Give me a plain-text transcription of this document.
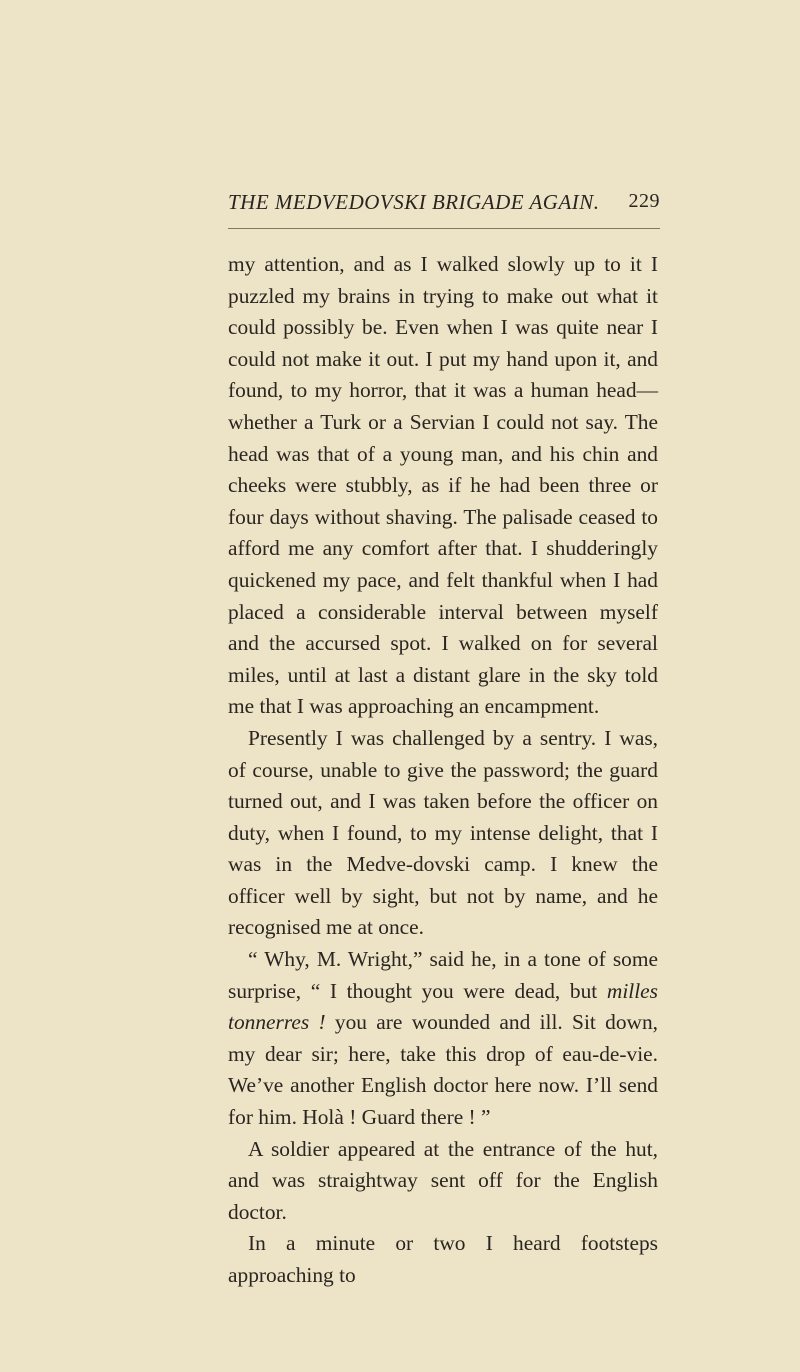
THE MEDVEDOVSKI BRIGADE AGAIN. 229

my attention, and as I walked slowly up to it I puzzled my brains in trying to make out what it could possibly be. Even when I was quite near I could not make it out. I put my hand upon it, and found, to my horror, that it was a human head—whether a Turk or a Servian I could not say. The head was that of a young man, and his chin and cheeks were stubbly, as if he had been three or four days without shaving. The palisade ceased to afford me any comfort after that. I shudderingly quickened my pace, and felt thankful when I had placed a considerable interval between myself and the accursed spot. I walked on for several miles, until at last a distant glare in the sky told me that I was approaching an encampment.

Presently I was challenged by a sentry. I was, of course, unable to give the password; the guard turned out, and I was taken before the officer on duty, when I found, to my intense delight, that I was in the Medve-dovski camp. I knew the officer well by sight, but not by name, and he recognised me at once.

“ Why, M. Wright,” said he, in a tone of some surprise, “ I thought you were dead, but milles tonnerres ! you are wounded and ill. Sit down, my dear sir; here, take this drop of eau-de-vie. We’ve another English doctor here now. I’ll send for him. Holà ! Guard there ! ”

A soldier appeared at the entrance of the hut, and was straightway sent off for the English doctor.

In a minute or two I heard footsteps approaching to
